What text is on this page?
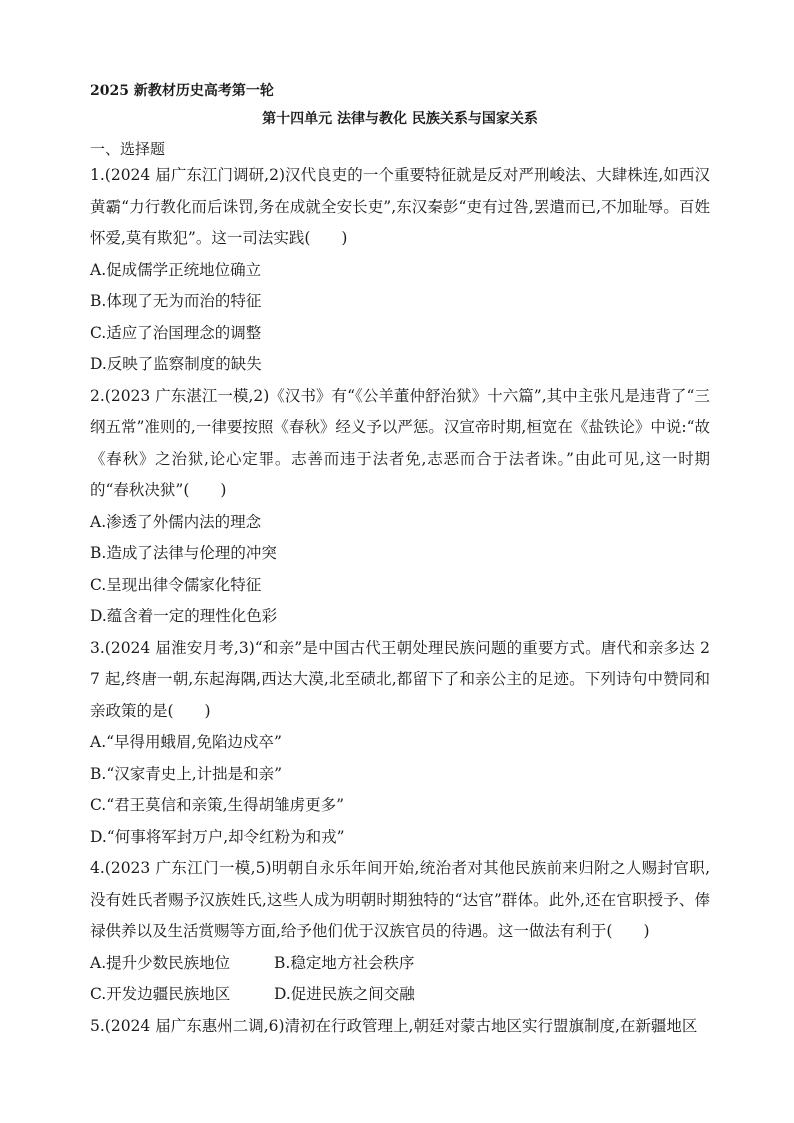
2025 新教材历史高考第一轮

第十四单元 法律与教化 民族关系与国家关系

一、选择题

1.(2024 届广东江门调研,2)汉代良吏的一个重要特征就是反对严刑峻法、大肆株连,如西汉黄霸“力行教化而后诛罚,务在成就全安长吏”,东汉秦彭“吏有过咎,罢遣而已,不加耻辱。百姓怀爱,莫有欺犯”。这一司法实践(　　)

A.促成儒学正统地位确立

B.体现了无为而治的特征

C.适应了治国理念的调整

D.反映了监察制度的缺失

2.(2023 广东湛江一模,2)《汉书》有“《公羊董仲舒治狱》十六篇”,其中主张凡是违背了“三纲五常”准则的,一律要按照《春秋》经义予以严惩。汉宣帝时期,桓宽在《盐铁论》中说:“故《春秋》之治狱,论心定罪。志善而违于法者免,志恶而合于法者诛。”由此可见,这一时期的“春秋决狱”(　　)

A.渗透了外儒内法的理念

B.造成了法律与伦理的冲突

C.呈现出律令儒家化特征

D.蕴含着一定的理性化色彩

3.(2024 届淮安月考,3)“和亲”是中国古代王朝处理民族问题的重要方式。唐代和亲多达 27 起,终唐一朝,东起海隅,西达大漠,北至碛北,都留下了和亲公主的足迹。下列诗句中赞同和亲政策的是(　　)

A.“早得用蛾眉,免陷边戍卒”

B.“汉家青史上,计拙是和亲”

C.“君王莫信和亲策,生得胡雏虏更多”

D.“何事将军封万户,却令红粉为和戎”

4.(2023 广东江门一模,5)明朝自永乐年间开始,统治者对其他民族前来归附之人赐封官职,没有姓氏者赐予汉族姓氏,这些人成为明朝时期独特的“达官”群体。此外,还在官职授予、俸禄供养以及生活赏赐等方面,给予他们优于汉族官员的待遇。这一做法有利于(　　)

A.提升少数民族地位	B.稳定地方社会秩序

C.开发边疆民族地区	D.促进民族之间交融

5.(2024 届广东惠州二调,6)清初在行政管理上,朝廷对蒙古地区实行盟旗制度,在新疆地区
